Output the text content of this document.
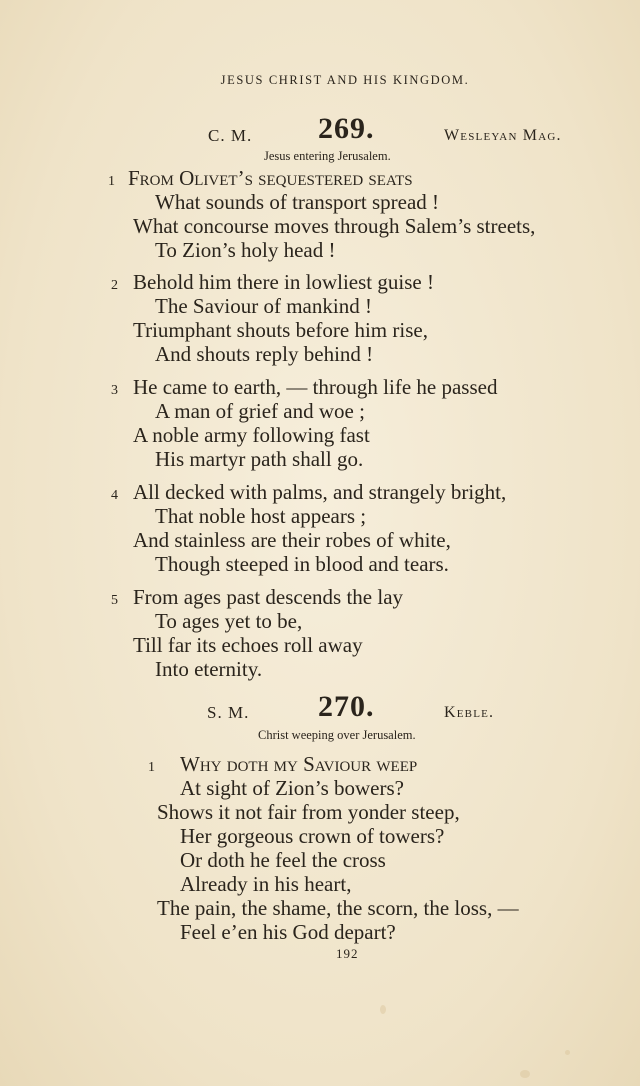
JESUS CHRIST AND HIS KINGDOM.
C. M. 269.	Wesleyan Mag.
Jesus entering Jerusalem.
1 From Olivet’s sequestered seats
What sounds of transport spread !
What concourse moves through Salem’s streets,
To Zion’s holy head !
2 Behold him there in lowliest guise !
The Saviour of mankind !
Triumphant shouts before him rise,
And shouts reply behind !
3 He came to earth, — through life he passed
A man of grief and woe ;
A noble army following fast
His martyr path shall go.
4 All decked with palms, and strangely bright,
That noble host appears ;
And stainless are their robes of white,
Though steeped in blood and tears.
5 From ages past descends the lay
To ages yet to be,
Till far its echoes roll away
Into eternity.
S. M. 270.	Keble.
Christ weeping over Jerusalem.
1 Why doth my Saviour weep
At sight of Zion’s bowers?
Shows it not fair from yonder steep,
Her gorgeous crown of towers?
Or doth he feel the cross
Already in his heart,
The pain, the shame, the scorn, the loss, —
Feel e’en his God depart?
192
